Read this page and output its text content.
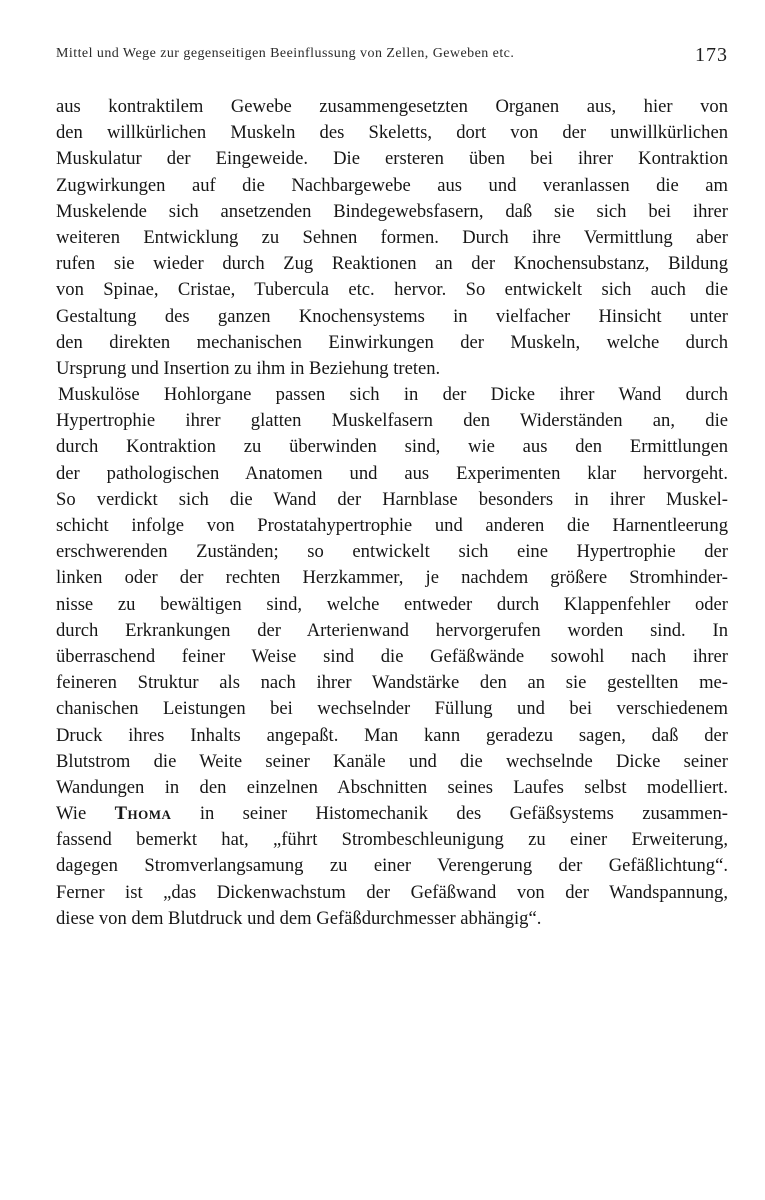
Mittel und Wege zur gegenseitigen Beeinflussung von Zellen, Geweben etc.	173
aus kontraktilem Gewebe zusammengesetzten Organen aus, hier von
den willkürlichen Muskeln des Skeletts, dort von der unwillkürlichen
Muskulatur der Eingeweide. Die ersteren üben bei ihrer Kontraktion
Zugwirkungen auf die Nachbargewebe aus und veranlassen die am
Muskelende sich ansetzenden Bindegewebsfasern, daß sie sich bei ihrer
weiteren Entwicklung zu Sehnen formen. Durch ihre Vermittlung aber
rufen sie wieder durch Zug Reaktionen an der Knochensubstanz, Bildung
von Spinae, Cristae, Tubercula etc. hervor. So entwickelt sich auch die
Gestaltung des ganzen Knochensystems in vielfacher Hinsicht unter
den direkten mechanischen Einwirkungen der Muskeln, welche durch
Ursprung und Insertion zu ihm in Beziehung treten.
Muskulöse Hohlorgane passen sich in der Dicke ihrer Wand durch
Hypertrophie ihrer glatten Muskelfasern den Widerständen an, die
durch Kontraktion zu überwinden sind, wie aus den Ermittlungen
der pathologischen Anatomen und aus Experimenten klar hervorgeht.
So verdickt sich die Wand der Harnblase besonders in ihrer Muskel-
schicht infolge von Prostatahypertrophie und anderen die Harnentleerung
erschwerenden Zuständen; so entwickelt sich eine Hypertrophie der
linken oder der rechten Herzkammer, je nachdem größere Stromhinder-
nisse zu bewältigen sind, welche entweder durch Klappenfehler oder
durch Erkrankungen der Arterienwand hervorgerufen worden sind. In
überraschend feiner Weise sind die Gefäßwände sowohl nach ihrer
feineren Struktur als nach ihrer Wandstärke den an sie gestellten me-
chanischen Leistungen bei wechselnder Füllung und bei verschiedenem
Druck ihres Inhalts angepaßt. Man kann geradezu sagen, daß der
Blutstrom die Weite seiner Kanäle und die wechselnde Dicke seiner
Wandungen in den einzelnen Abschnitten seines Laufes selbst modelliert.
Wie Thoma in seiner Histomechanik des Gefäßsystems zusammen-
fassend bemerkt hat, „führt Strombeschleunigung zu einer Erweiterung,
dagegen Stromverlangsamung zu einer Verengerung der Gefäßlichtung“.
Ferner ist „das Dickenwachstum der Gefäßwand von der Wandspannung,
diese von dem Blutdruck und dem Gefäßdurchmesser abhängig“.
